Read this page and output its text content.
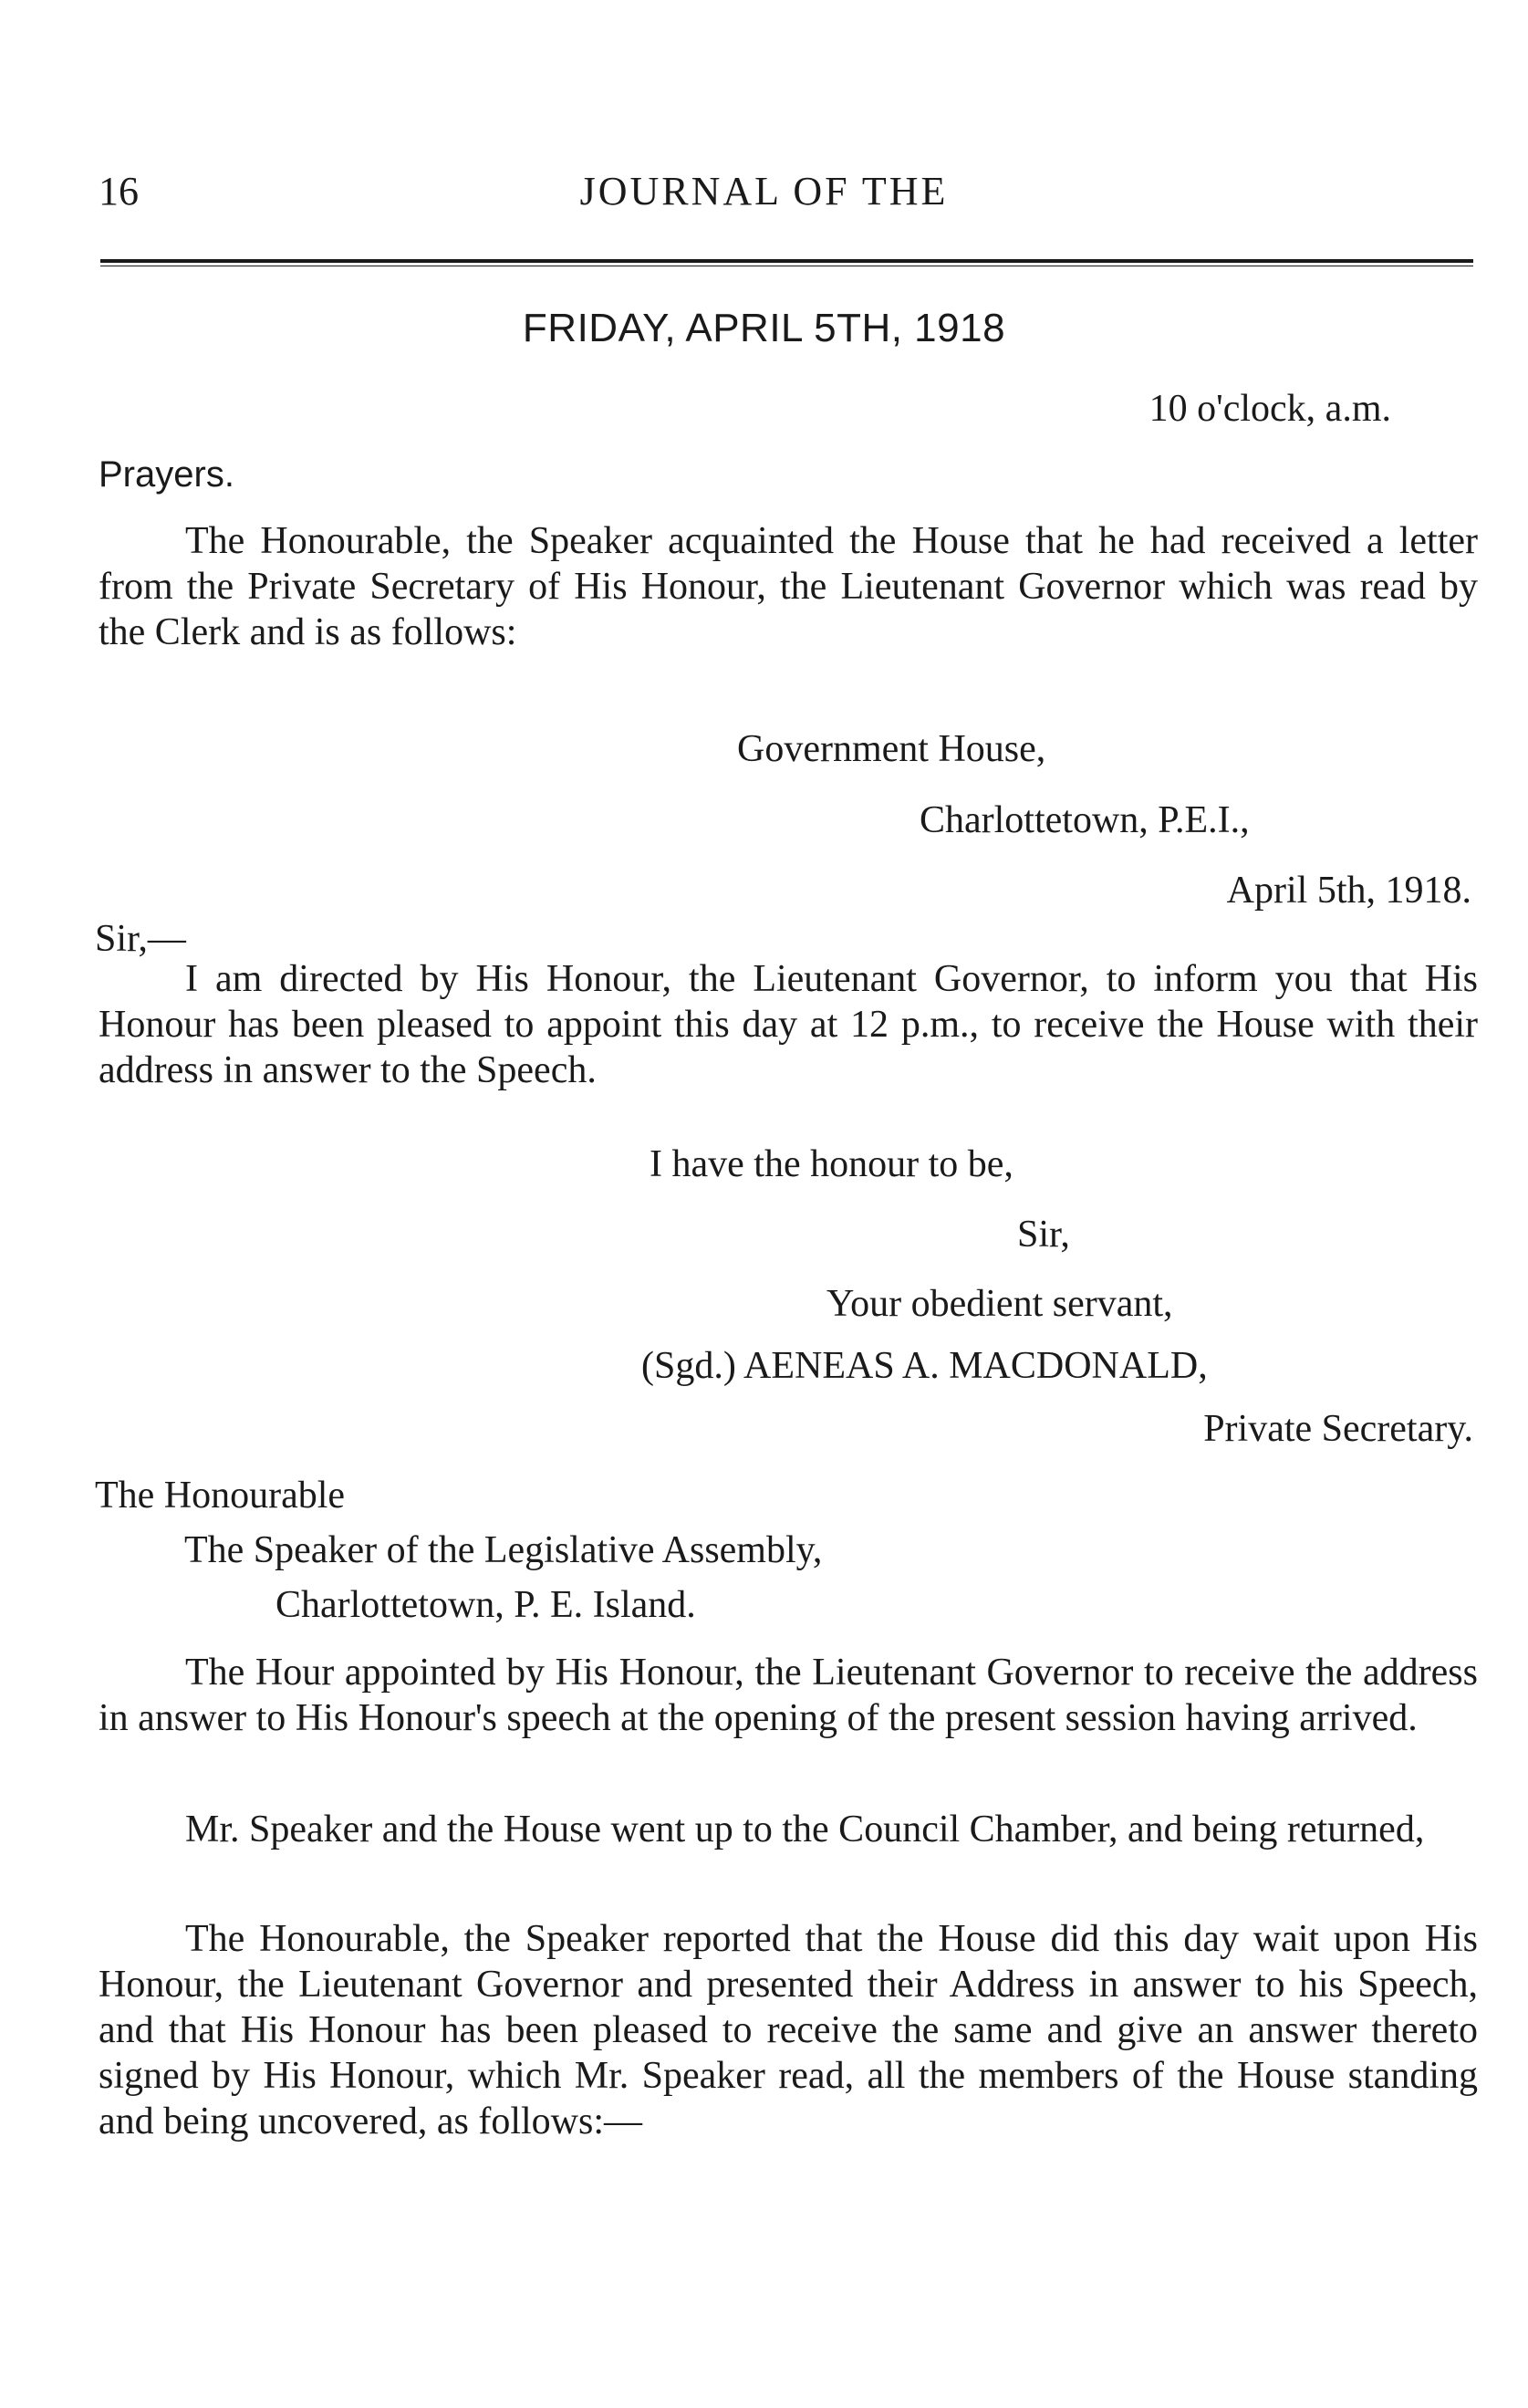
16	JOURNAL OF THE
FRIDAY, APRIL 5TH, 1918
10 o'clock, a.m.
Prayers.

The Honourable, the Speaker acquainted the House that he had received a letter from the Private Secretary of His Honour, the Lieutenant Governor which was read by the Clerk and is as follows:

Government House,
Charlottetown, P.E.I.,
April 5th, 1918.
Sir,—

I am directed by His Honour, the Lieutenant Governor, to inform you that His Honour has been pleased to appoint this day at 12 p.m., to receive the House with their address in answer to the Speech.

I have the honour to be,
Sir,
Your obedient servant,
(Sgd.) AENEAS A. MACDONALD,
Private Secretary.
The Honourable
The Speaker of the Legislative Assembly,
Charlottetown, P. E. Island.

The Hour appointed by His Honour, the Lieutenant Governor to receive the address in answer to His Honour's speech at the opening of the present session having arrived.

Mr. Speaker and the House went up to the Council Chamber, and being returned,

The Honourable, the Speaker reported that the House did this day wait upon His Honour, the Lieutenant Governor and presented their Address in answer to his Speech, and that His Honour has been pleased to receive the same and give an answer thereto signed by His Honour, which Mr. Speaker read, all the members of the House standing and being uncovered, as follows:—
